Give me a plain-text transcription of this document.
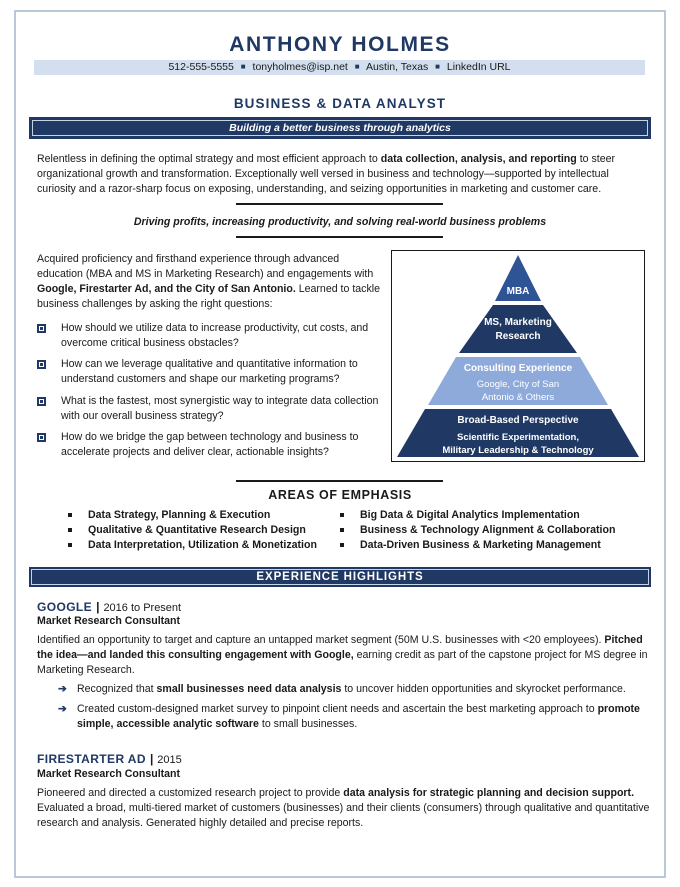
ANTHONY HOLMES
512-555-5555 ■ tonyholmes@isp.net ■ Austin, Texas ■ LinkedIn URL
BUSINESS & DATA ANALYST
Building a better business through analytics
Relentless in defining the optimal strategy and most efficient approach to data collection, analysis, and reporting to steer organizational growth and transformation. Exceptionally well versed in business and technology—supported by intellectual curiosity and a razor-sharp focus on exposing, understanding, and seizing opportunities in marketing and customer care.
Driving profits, increasing productivity, and solving real-world business problems
Acquired proficiency and firsthand experience through advanced education (MBA and MS in Marketing Research) and engagements with Google, Firestarter Ad, and the City of San Antonio. Learned to tackle business challenges by asking the right questions:
How should we utilize data to increase productivity, cut costs, and overcome critical business obstacles?
How can we leverage qualitative and quantitative information to understand customers and shape our marketing programs?
What is the fastest, most synergistic way to integrate data collection with our overall business strategy?
How do we bridge the gap between technology and business to accelerate projects and deliver clear, actionable insights?
MBA
MS, Marketing
Research
Consulting Experience
Google, City of San
Antonio & Others
Broad-Based Perspective
Scientific Experimentation,
Military Leadership & Technology
AREAS OF EMPHASIS
Data Strategy, Planning & Execution
Qualitative & Quantitative Research Design
Data Interpretation, Utilization & Monetization
Big Data & Digital Analytics Implementation
Business & Technology Alignment & Collaboration
Data-Driven Business & Marketing Management
EXPERIENCE HIGHLIGHTS
GOOGLE | 2016 to Present
Market Research Consultant
Identified an opportunity to target and capture an untapped market segment (50M U.S. businesses with <20 employees). Pitched the idea—and landed this consulting engagement with Google, earning credit as part of the capstone project for MS degree in Marketing Research.
➔ Recognized that small businesses need data analysis to uncover hidden opportunities and skyrocket performance.
➔ Created custom-designed market survey to pinpoint client needs and ascertain the best marketing approach to promote simple, accessible analytic software to small businesses.
FIRESTARTER AD | 2015
Market Research Consultant
Pioneered and directed a customized research project to provide data analysis for strategic planning and decision support. Evaluated a broad, multi-tiered market of customers (businesses) and their clients (consumers) through qualitative and quantitative research and analysis. Generated highly detailed and precise reports.
